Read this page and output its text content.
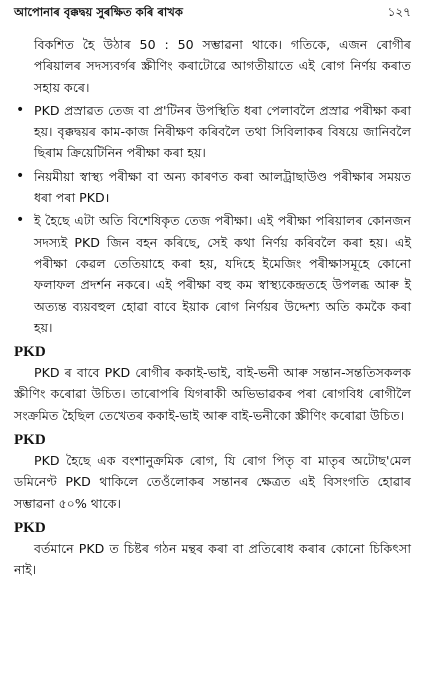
আপোনাৰ বৃক্কদ্বয় সুৰক্ষিত কৰি ৰাখক	১২৭

বিকশিত হৈ উঠাৰ 50 : 50 সম্ভাৱনা থাকে। গতিকে, এজন ৰোগীৰ পৰিয়ালৰ সদস্যবৰ্গৰ স্ক্ৰীণিং কৰাটোৱে আগতীয়াতে এই ৰোগ নিৰ্ণয় কৰাত সহায় কৰে।

• PKD প্ৰস্ৰাৱত তেজ বা প্ৰ'টিনৰ উপস্থিতি ধৰা পেলাবলৈ প্ৰস্ৰাৱ পৰীক্ষা কৰা হয়। বৃক্কদ্বয়ৰ কাম-কাজ নিৰীক্ষণ কৰিবলৈ তথা সিবিলাকৰ বিষয়ে জানিবলৈ ছিৰাম ক্ৰিয়েটিনিন পৰীক্ষা কৰা হয়।
• নিয়মীয়া স্বাস্থ্য পৰীক্ষা বা অন্য কাৰণত কৰা আলট্ৰাছাউণ্ড পৰীক্ষাৰ সময়ত ধৰা পৰা PKD।
• ই হৈছে এটা অতি বিশেষিকৃত তেজ পৰীক্ষা। এই পৰীক্ষা পৰিয়ালৰ কোনজন সদস্যই PKD জিন বহন কৰিছে, সেই কথা নিৰ্ণয় কৰিবলৈ কৰা হয়। এই পৰীক্ষা কেৱল তেতিয়াহে কৰা হয়, যদিহে ইমেজিং পৰীক্ষাসমূহে কোনো ফলাফল প্ৰদৰ্শন নকৰে। এই পৰীক্ষা বহু কম স্বাস্থ্যকেন্দ্ৰতহে উপলব্ধ আৰু ই অত্যন্ত ব্যয়বহুল হোৱা বাবে ইয়াক ৰোগ নিৰ্ণয়ৰ উদ্দেশ্য অতি কমকৈ কৰা হয়।
PKD

PKD ৰ বাবে PKD ৰোগীৰ ককাই-ভাই, বাই-ভনী আৰু সন্তান-সন্ততিসকলক স্ক্ৰীণিং কৰোৱা উচিত। তাৰোপৰি যিগৰাকী অভিভাৱকৰ পৰা ৰোগবিধ ৰোগীলৈ সংক্ৰমিত হৈছিল তেখেতৰ ককাই-ভাই আৰু বাই-ভনীকো স্ক্ৰীণিং কৰোৱা উচিত।

PKD

PKD হৈছে এক বংশানুক্ৰমিক ৰোগ, যি ৰোগ পিতৃ বা মাতৃৰ অটোছ'মেল ডমিনেণ্ট PKD থাকিলে তেওঁলোকৰ সন্তানৰ ক্ষেত্ৰত এই বিসংগতি হোৱাৰ সম্ভাৱনা ৫০% থাকে।

PKD

বৰ্তমানে PKD ত চিষ্টৰ গঠন মন্থৰ কৰা বা প্ৰতিৰোধ কৰাৰ কোনো চিকিৎসা নাই।
